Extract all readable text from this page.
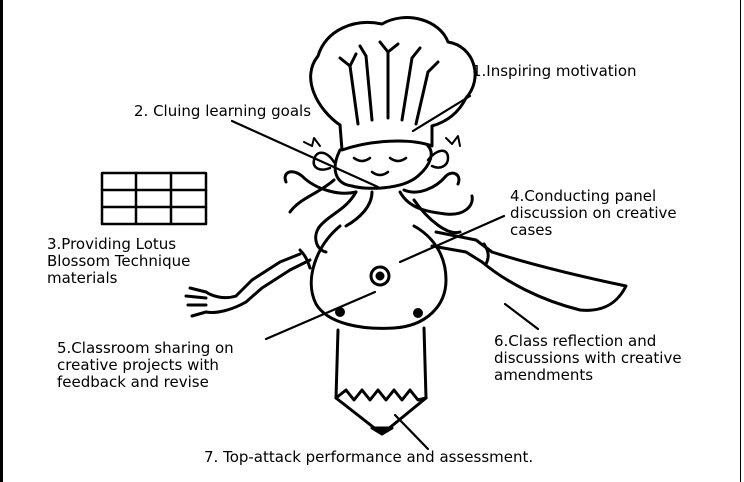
1.Inspiring motivation

2. Cluing learning goals

3.Providing Lotus
Blossom Technique
materials

4.Conducting panel
discussion on creative
cases

5.Classroom sharing on
creative projects with
feedback and revise

6.Class reflection and
discussions with creative
amendments

7. Top-attack performance and assessment.
